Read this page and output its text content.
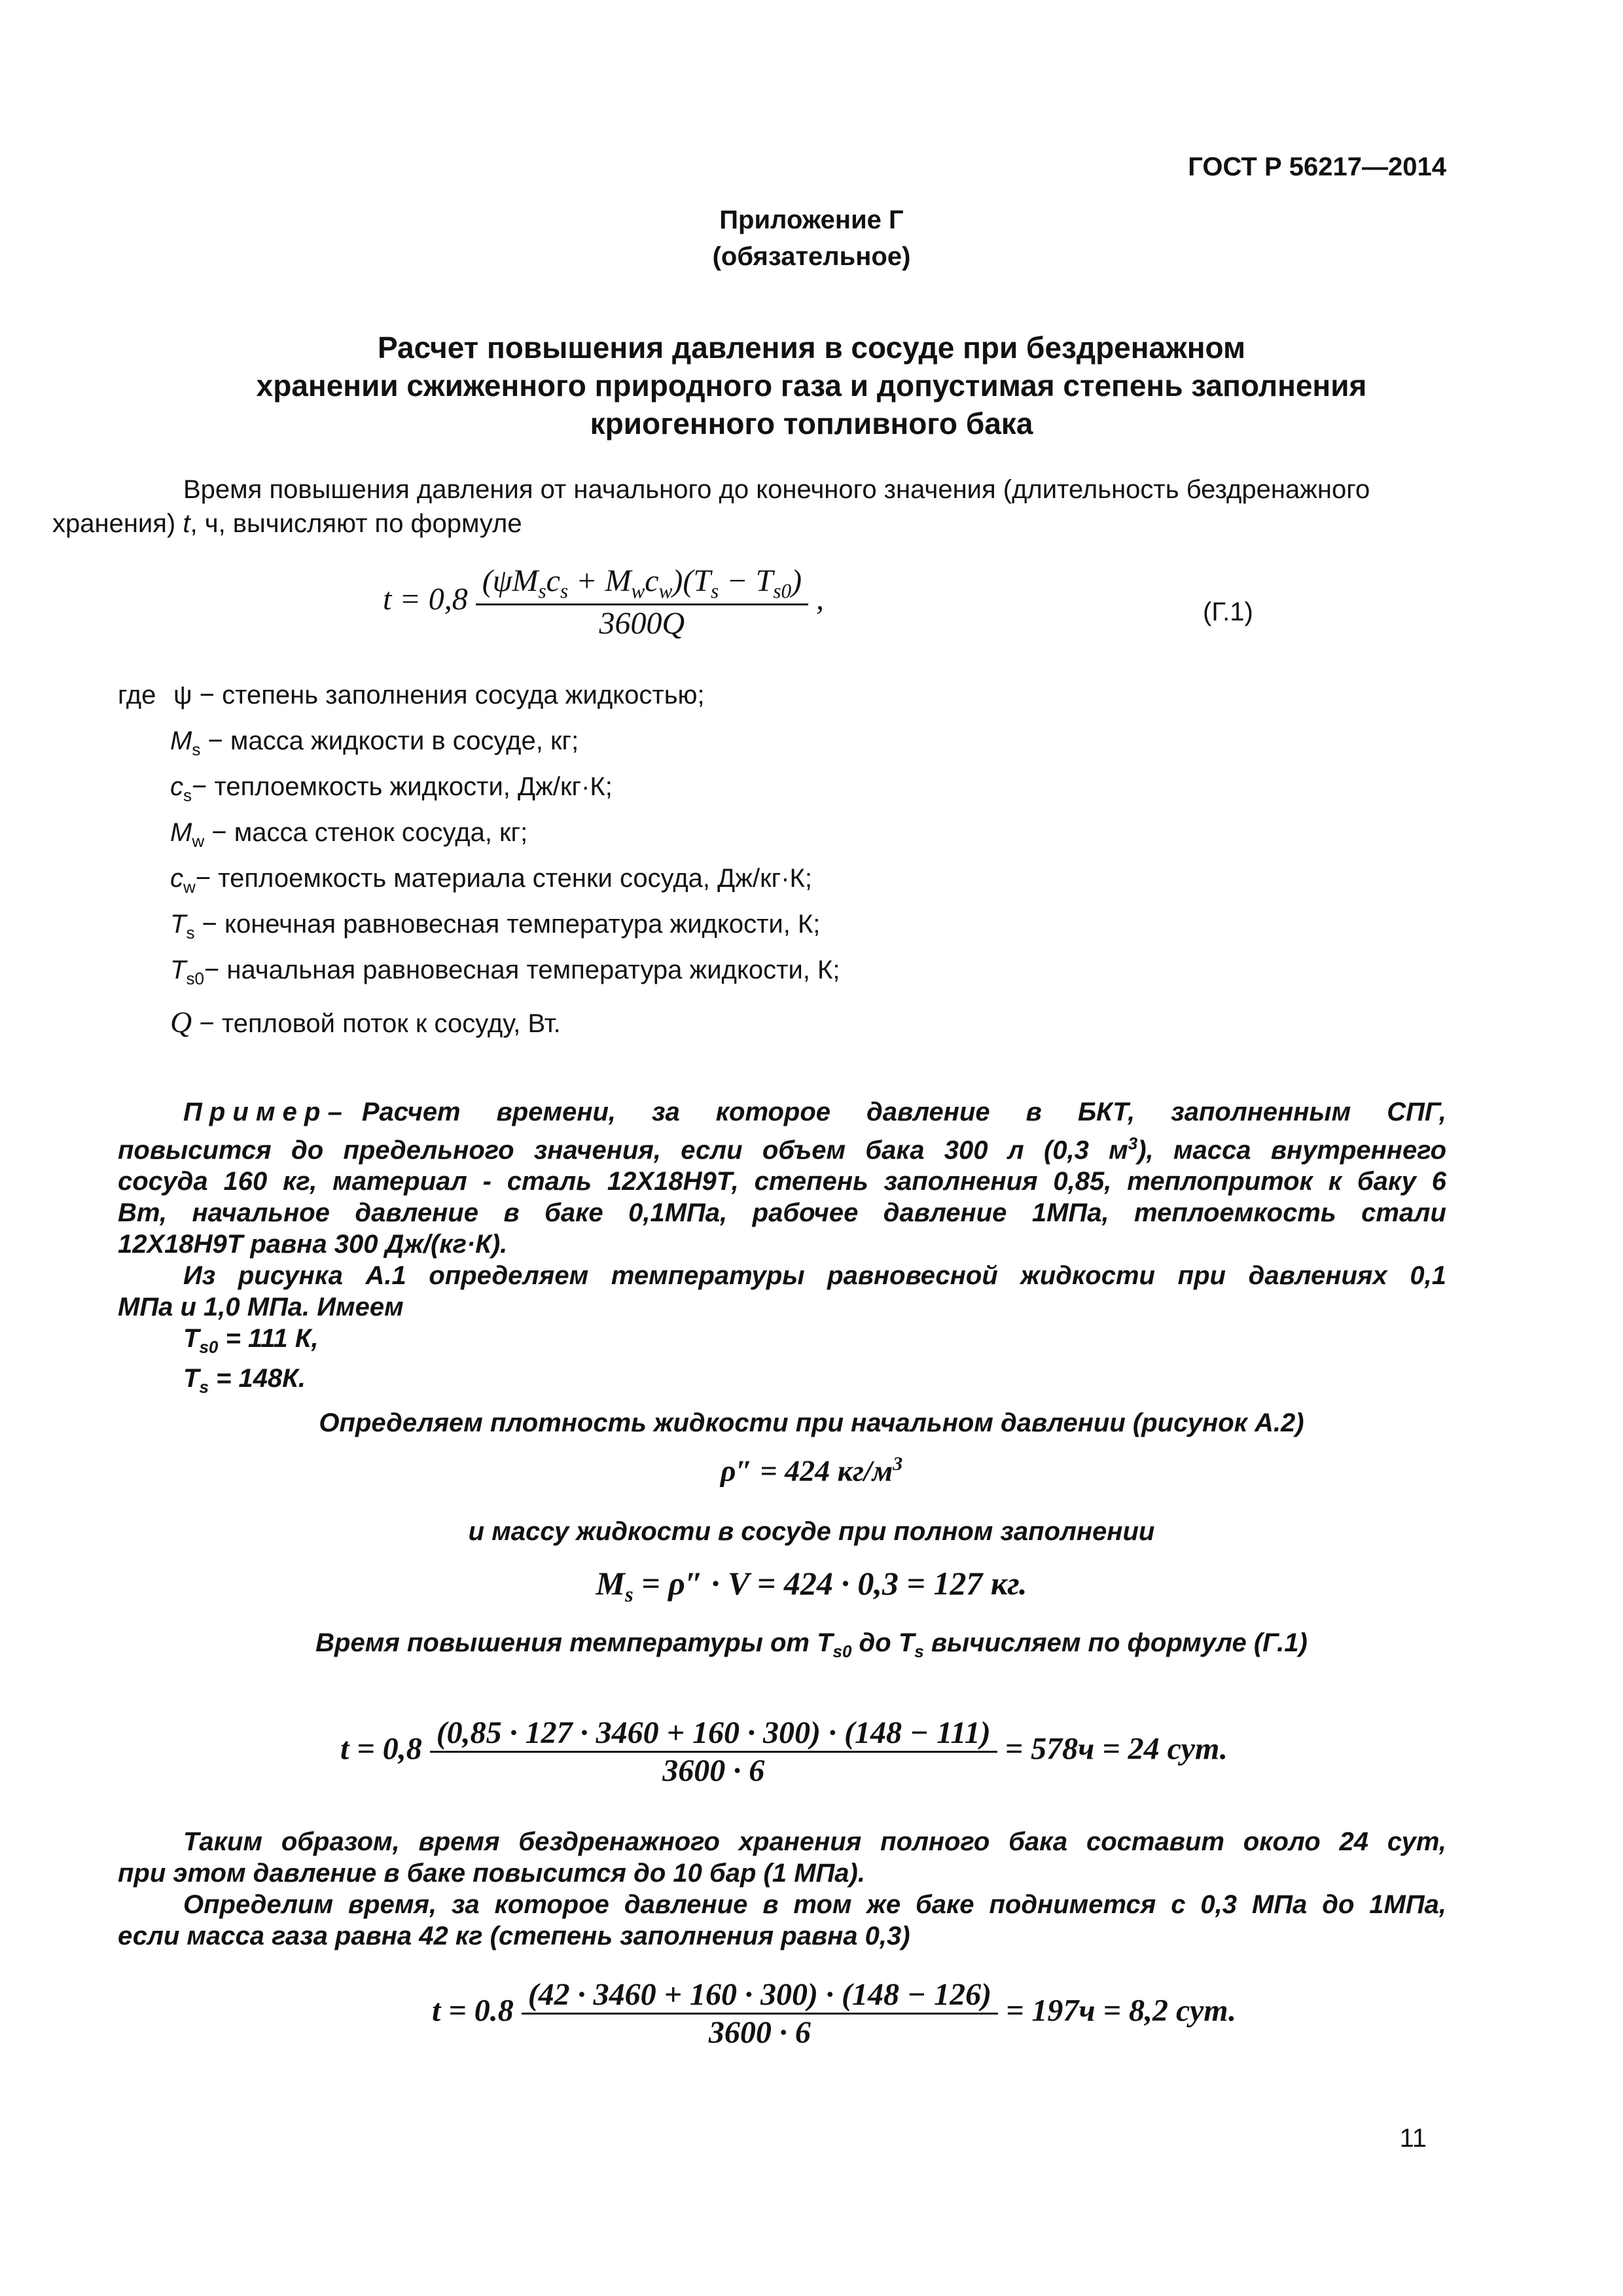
ГОСТ Р 56217—2014
Приложение Г
(обязательное)
Расчет повышения давления в сосуде при бездренажном
хранении сжиженного природного газа и допустимая степень заполнения
криогенного топливного бака
Время повышения давления от начального до конечного значения (длительность бездренажного
хранения) t, ч, вычисляют по формуле
$t = 0,8 \frac{(\psi M_sc_s + M_wc_w)(T_s - T_{s0})}{3600Q}$ ,	(Г.1)
где ψ − степень заполнения сосуда жидкостью;
$M_s$ − масса жидкости в сосуде, кг;
$c_s-$ теплоемкость жидкости, Дж/кг·К;
$M_w$ − масса стенок сосуда, кг;
$c_w-$ теплоемкость материала стенки сосуда, Дж/кг·К;
$T_s$ − конечная равновесная температура жидкости, К;
$T_{s0}-$ начальная равновесная температура жидкости, К;
Q − тепловой поток к сосуду, Вт.
П р и м е р – Расчет времени, за которое давление в БКТ, заполненным СПГ,
повысится до предельного значения, если объем бака 300 л (0,3 $м^3$), масса внутреннего
сосуда 160 кг, материал - сталь 12Х18Н9Т, степень заполнения 0,85, теплоприток к баку 6
Вт, начальное давление в баке 0,1МПа, рабочее давление 1МПа, теплоемкость стали
12Х18Н9Т равна 300 Дж/(кг·К).
Из рисунка А.1 определяем температуры равновесной жидкости при давлениях 0,1
МПа и 1,0 МПа. Имеем
$T_{s0} = 111$ К,
$T_s = 148К$.
Определяем плотность жидкости при начальном давлении (рисунок А.2)
ρ″ = 424 $кг/м^3$
и массу жидкости в сосуде при полном заполнении
$M_s = \rho'' \cdot V = 424 \cdot 0,3 = 127$ кг.
Время повышения температуры от $T_{s0}$ до $T_s$ вычисляем по формуле (Г.1)
$t = 0,8 \frac{(0,85 \cdot 127 \cdot 3460 + 160 \cdot 300) \cdot (148 - 111)}{3600 \cdot 6} = 578ч = 24$ сут.
Таким образом, время бездренажного хранения полного бака составит около 24 сут,
при этом давление в баке повысится до 10 бар (1 МПа).
Определим время, за которое давление в том же баке поднимется с 0,3 МПа до 1МПа,
если масса газа равна 42 кг (степень заполнения равна 0,3)
$t = 0.8 \frac{(42 \cdot 3460 + 160 \cdot 300) \cdot (148 - 126)}{3600 \cdot 6} = 197ч = 8,2$ сут.
11
